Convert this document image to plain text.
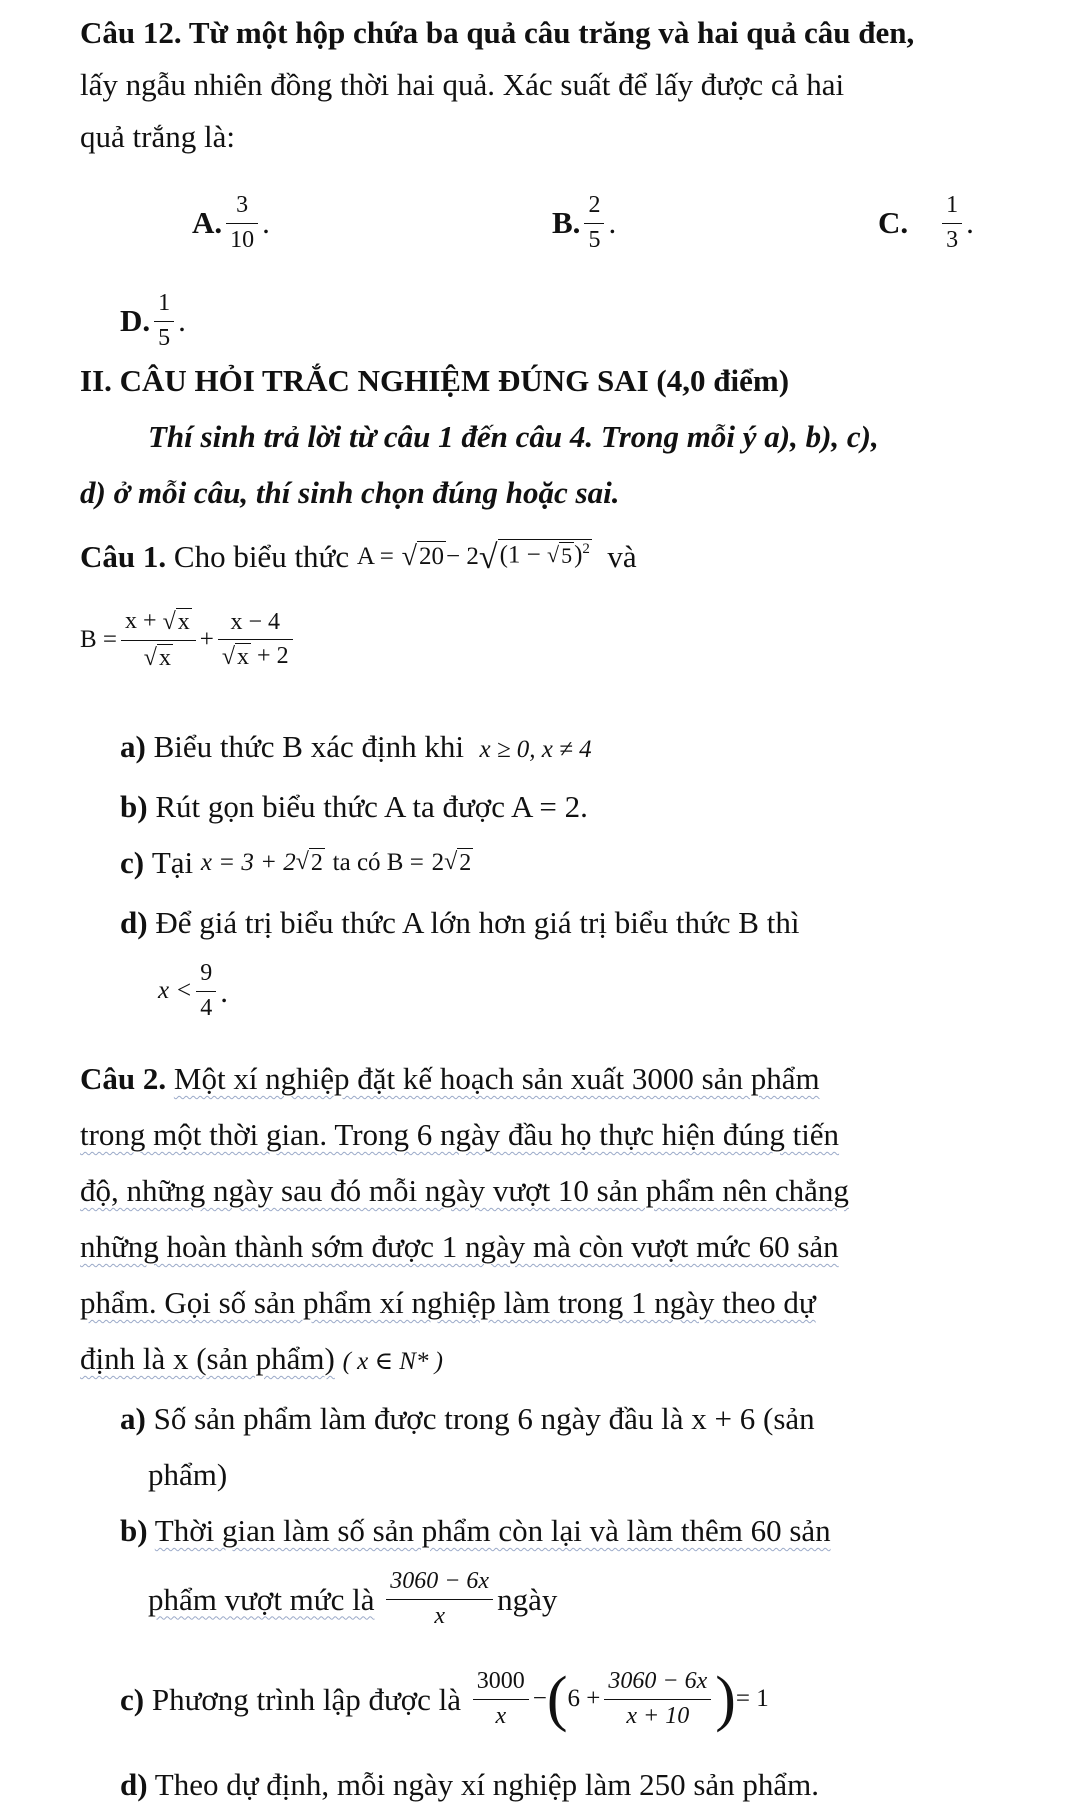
Câu 12. Từ một hộp chứa ba quả câu trăng và hai quả câu đen,
lấy ngẫu nhiên đồng thời hai quả. Xác suất để lấy được cả hai
quả trắng là:
A. $\frac{3}{10}$ .	B. $\frac{2}{5}$ .	C. $\frac{1}{3}$ .
D. $\frac{1}{5}$ .
II. CÂU HỎI TRẮC NGHIỆM ĐÚNG SAI (4,0 điểm)
Thí sinh trả lời từ câu 1 đến câu 4. Trong mỗi ý a), b), c),
d) ở mỗi câu, thí sinh chọn đúng hoặc sai.
Câu 1.
Cho biểu thức
A =
√ 20 − 2 √ (1 − √ 5 )$^2$
và
$B = \frac{x + √ x}{√ x} + \frac{x - 4}{√ x + 2}$
a) Biểu thức B xác định khi x ≥ 0, x ≠ 4
b) Rút gọn biểu thức A ta được A = 2.
c)
Tại
x = 3 + 2 √ 2
ta có B =
2 √ 2
d) Để giá trị biểu thức A lớn hơn giá trị biểu thức B thì
$x < \frac{9}{4}$ .
Câu 2. Một xí nghiệp đặt kế hoạch sản xuất 3000 sản phẩm
trong một thời gian. Trong 6 ngày đầu họ thực hiện đúng tiến
độ, những ngày sau đó mỗi ngày vượt 10 sản phẩm nên chẳng
những hoàn thành sớm được 1 ngày mà còn vượt mức 60 sản
phẩm. Gọi số sản phẩm xí nghiệp làm trong 1 ngày theo dự
định là x (sản phẩm) ( x ∈ N* )
a) Số sản phẩm làm được trong 6 ngày đầu là x + 6 (sản
phẩm)
b) Thời gian làm số sản phẩm còn lại và làm thêm 60 sản
phẩm vượt mức là
$\frac{3060 - 6x}{x}$ ngày
c)
Phương trình lập được là
$\frac{3000}{x}$ − ( $6 + \frac{3060 - 6x}{x + 10}$ ) = 1
d) Theo dự định, mỗi ngày xí nghiệp làm 250 sản phẩm.
